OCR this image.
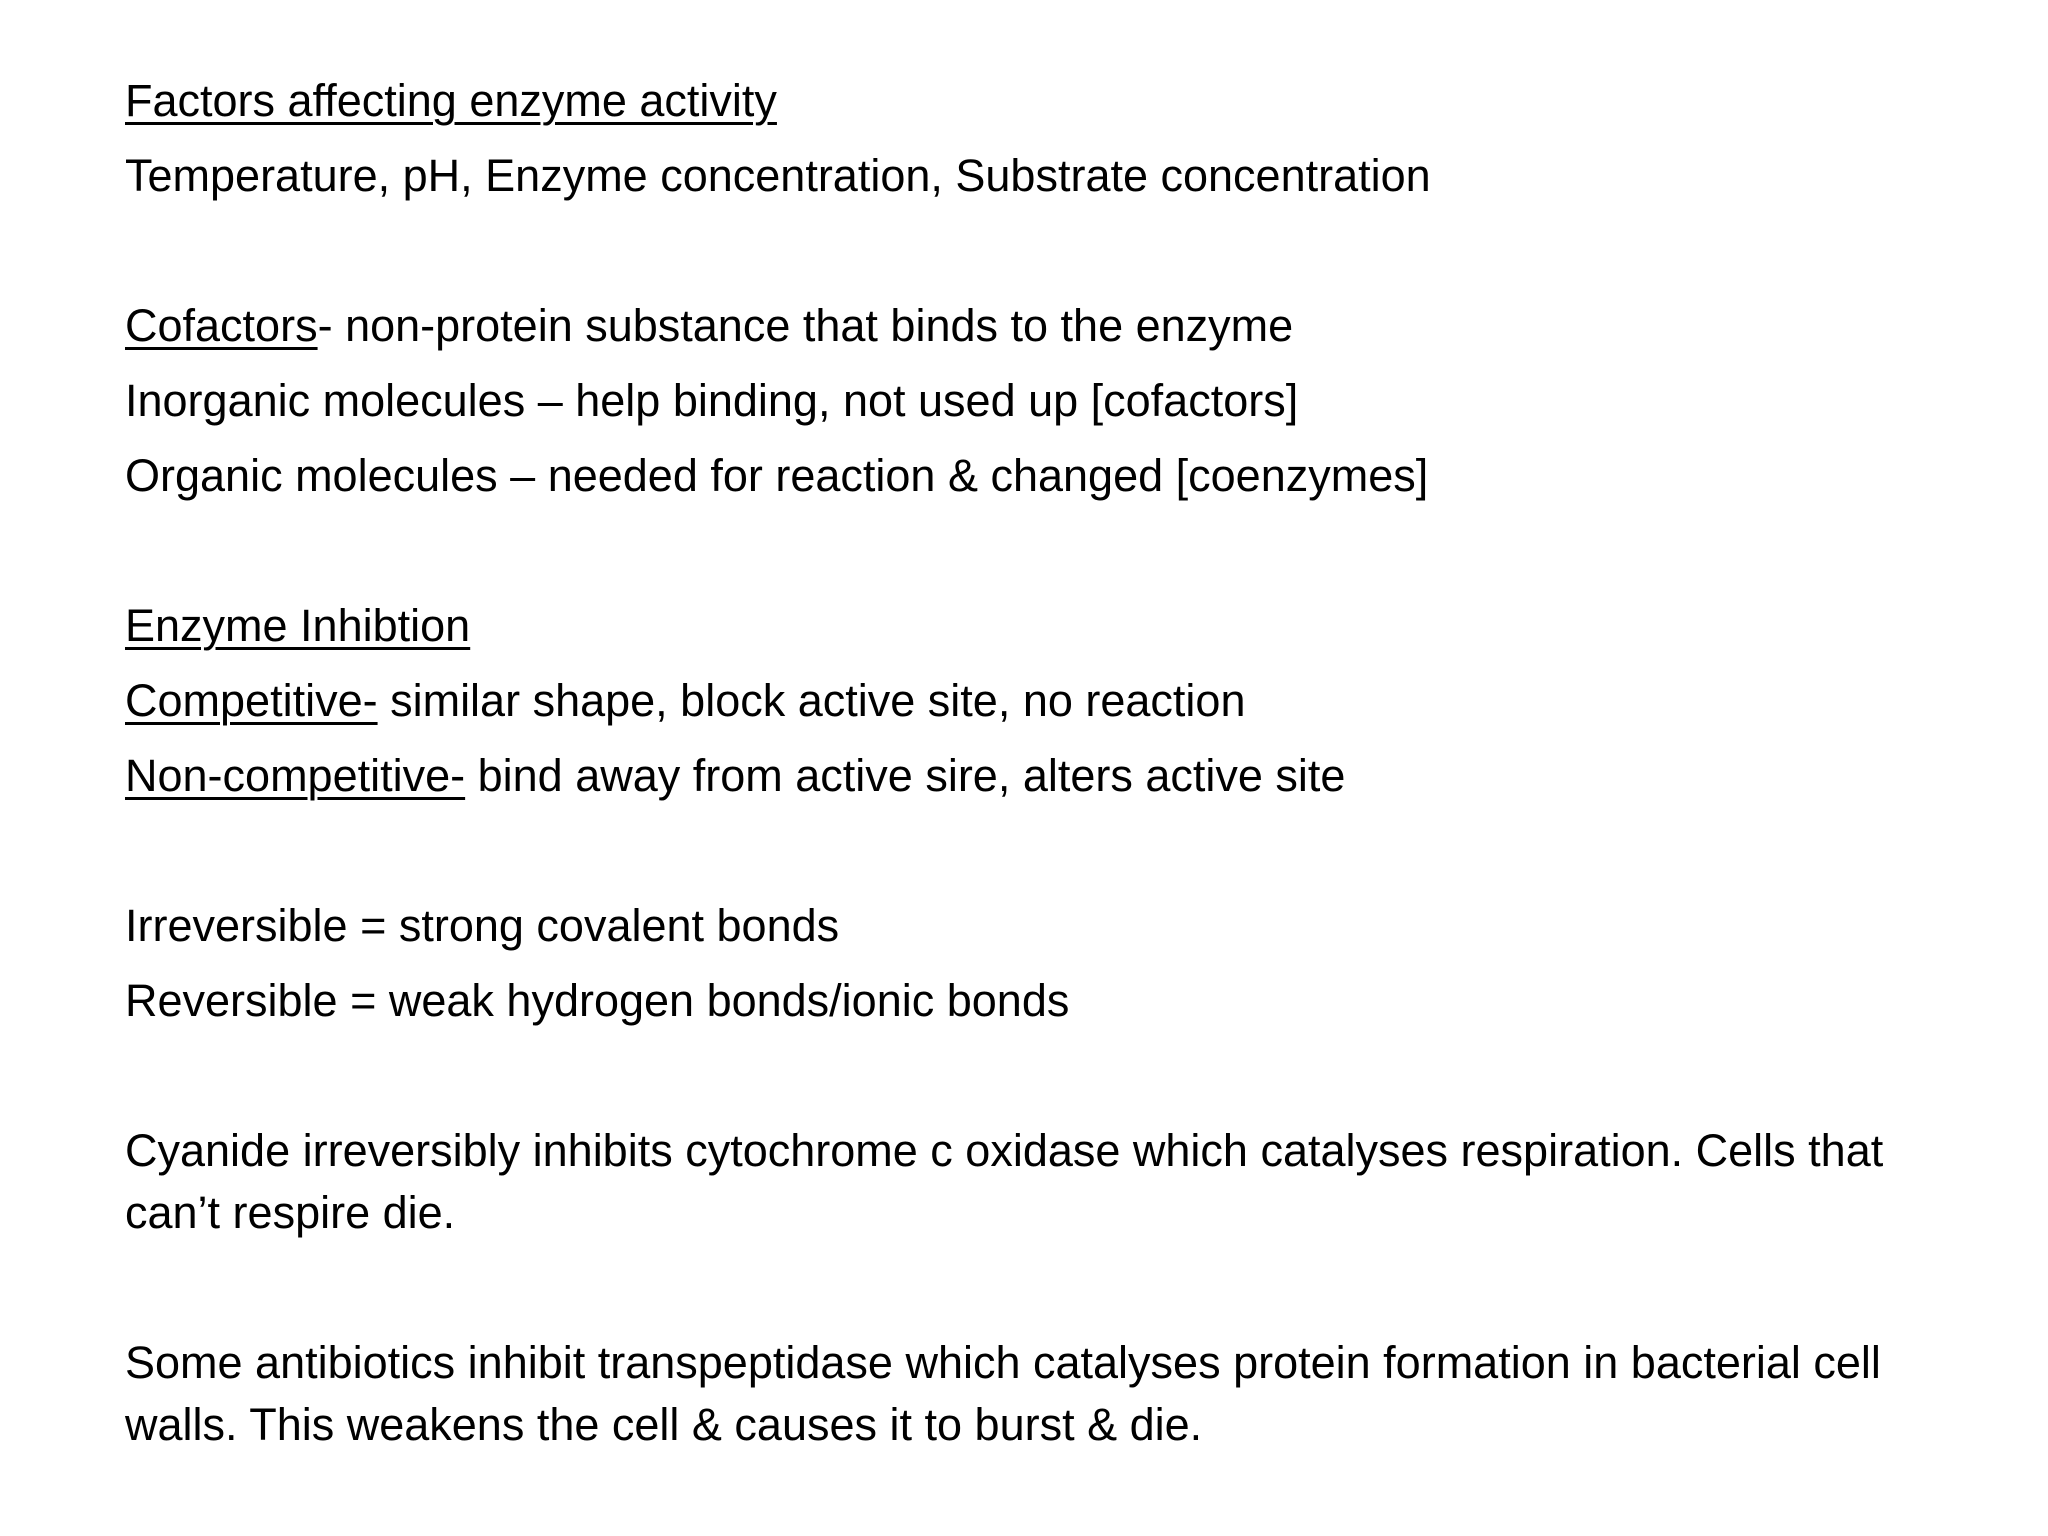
Factors affecting enzyme activity
Temperature, pH, Enzyme concentration, Substrate concentration
Cofactors- non-protein substance that binds to the enzyme
Inorganic molecules – help binding, not used up [cofactors]
Organic molecules – needed for reaction & changed [coenzymes]
Enzyme Inhibtion
Competitive- similar shape, block active site, no reaction
Non-competitive- bind away from active sire, alters active site
Irreversible = strong covalent bonds
Reversible = weak hydrogen bonds/ionic bonds
Cyanide irreversibly inhibits cytochrome c oxidase which catalyses respiration. Cells that can’t respire die.
Some antibiotics inhibit transpeptidase which catalyses protein formation in bacterial cell walls. This weakens the cell & causes it to burst & die.
